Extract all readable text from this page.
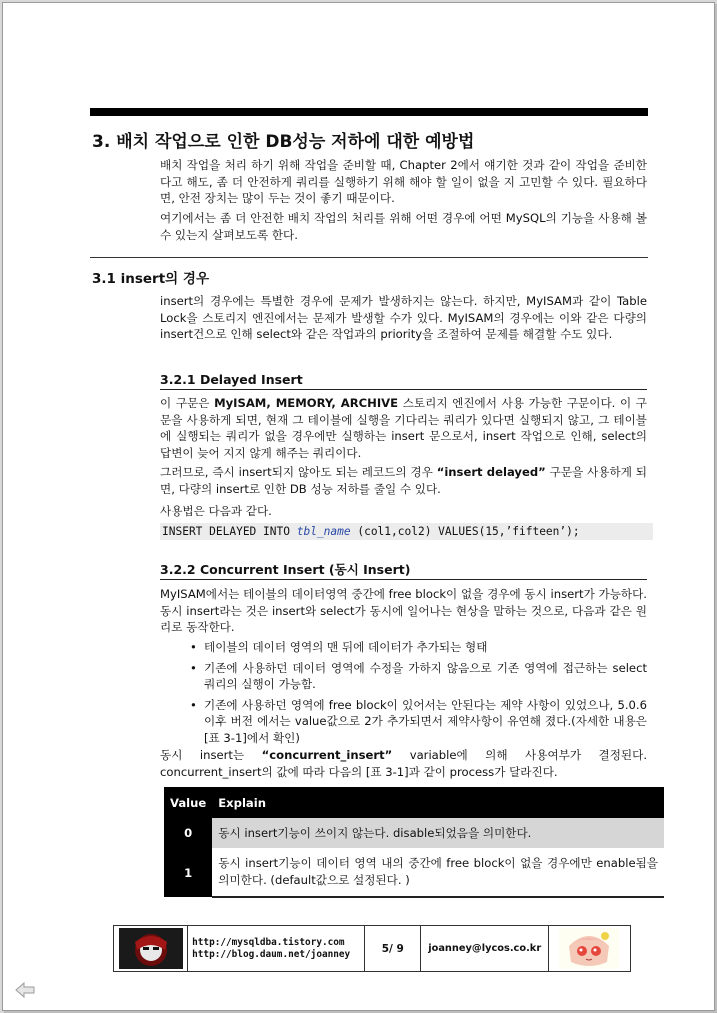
3. 배치 작업으로 인한 DB성능 저하에 대한 예방법

배치 작업을 처리 하기 위해 작업을 준비할 때, Chapter 2에서 얘기한 것과 같이 작업을 준비한다고 해도, 좀 더 안전하게 쿼리를 실행하기 위해 해야 할 일이 없을 지 고민할 수 있다. 필요하다면, 안전 장치는 많이 두는 것이 좋기 때문이다.

여기에서는 좀 더 안전한 배치 작업의 처리를 위해 어떤 경우에 어떤 MySQL의 기능을 사용해 볼 수 있는지 살펴보도록 한다.

3.1 insert의 경우

insert의 경우에는 특별한 경우에 문제가 발생하지는 않는다. 하지만, MyISAM과 같이 Table Lock을 스토리지 엔진에서는 문제가 발생할 수가 있다. MyISAM의 경우에는 이와 같은 다량의 insert건으로 인해 select와 같은 작업과의 priority을 조절하여 문제를 해결할 수도 있다.

3.2.1 Delayed Insert

이 구문은 MyISAM, MEMORY, ARCHIVE 스토리지 엔진에서 사용 가능한 구문이다. 이 구문을 사용하게 되면, 현재 그 테이블에 실행을 기다리는 쿼리가 있다면 실행되지 않고, 그 테이블에 실행되는 쿼리가 없을 경우에만 실행하는 insert 문으로서, insert 작업으로 인해, select의 답변이 늦어 지지 않게 해주는 쿼리이다.

그러므로, 즉시 insert되지 않아도 되는 레코드의 경우 “insert delayed” 구문을 사용하게 되면, 다량의 insert로 인한 DB 성능 저하를 줄일 수 있다.

사용법은 다음과 같다.

INSERT DELAYED INTO tbl_name (col1,col2) VALUES(15,’fifteen’);
3.2.2 Concurrent Insert (동시 Insert)

MyISAM에서는 테이블의 데이터영역 중간에 free block이 없을 경우에 동시 insert가 가능하다. 동시 insert라는 것은 insert와 select가 동시에 일어나는 현상을 말하는 것으로, 다음과 같은 원리로 동작한다.

• 테이블의 데이터 영역의 맨 뒤에 데이터가 추가되는 형태
• 기존에 사용하던 데이터 영역에 수정을 가하지 않음으로 기존 영역에 접근하는 select 쿼리의 실행이 가능함.
• 기존에 사용하던 영역에 free block이 있어서는 안된다는 제약 사항이 있었으나, 5.0.6 이후 버전 에서는 value값으로 2가 추가되면서 제약사항이 유연해 졌다.(자세한 내용은 [표 3-1]에서 확인)

동시 insert는 “concurrent_insert” variable에 의해 사용여부가 결정된다. concurrent_insert의 값에 따라 다음의 [표 3-1]과 같이 process가 달라진다.

Value	Explain
0	동시 insert기능이 쓰이지 않는다. disable되었음을 의미한다.
1	동시 insert기능이 데이터 영역 내의 중간에 free block이 없을 경우에만 enable됨을 의미한다. (default값으로 설정된다. )
http://mysqldba.tistory.com
http://blog.daum.net/joanney	5/ 9	joanney@lycos.co.kr
